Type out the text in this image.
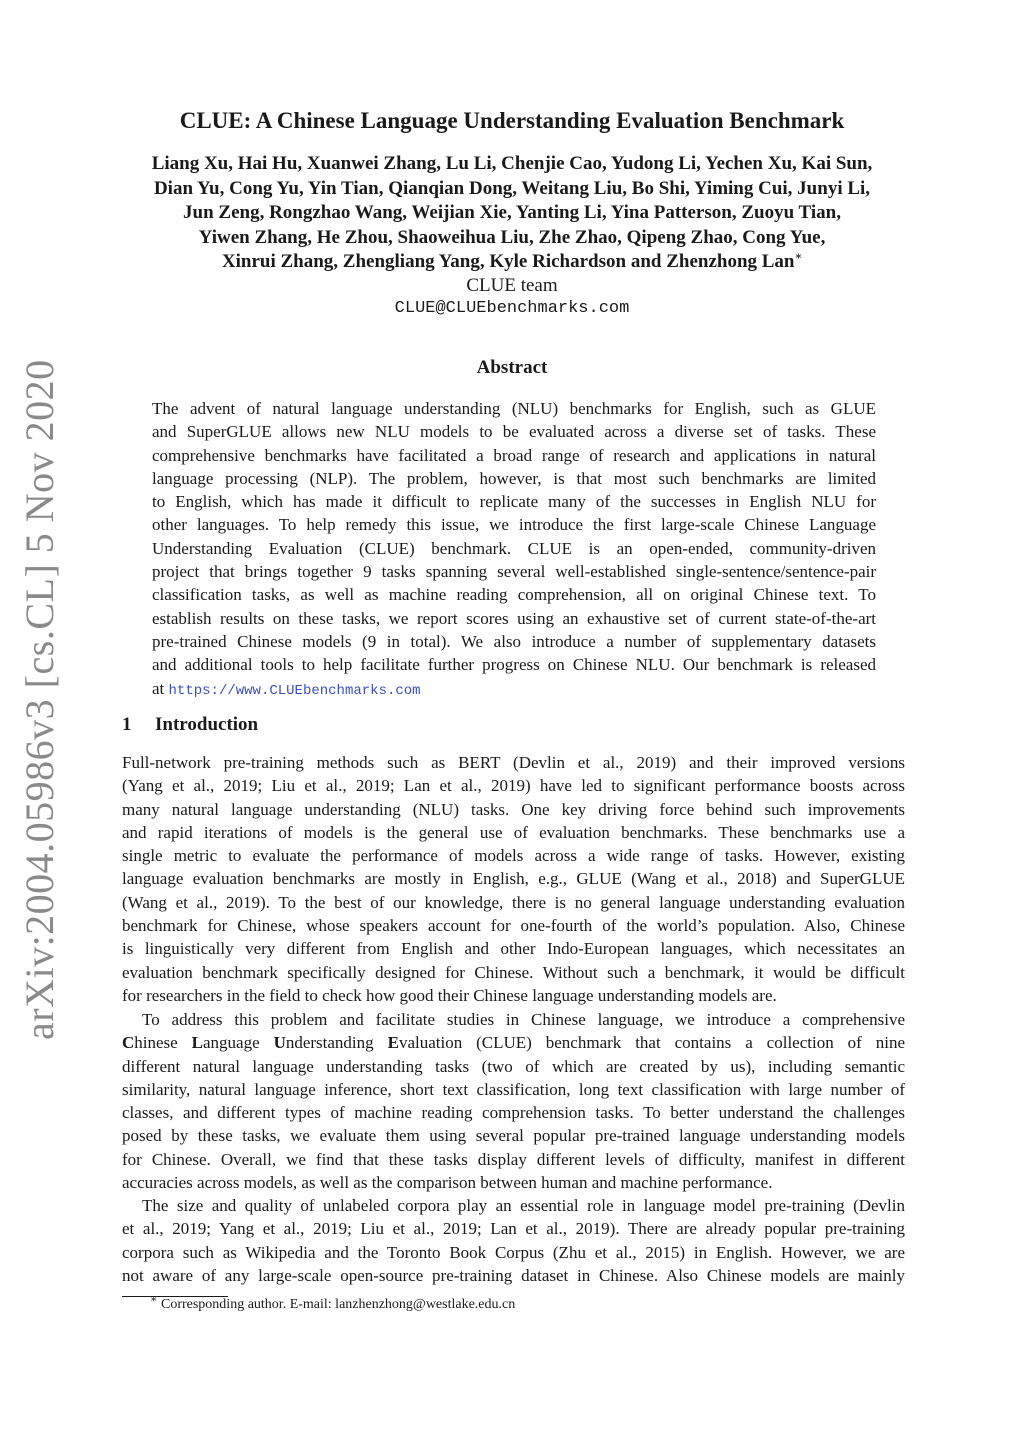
arXiv:2004.05986v3 [cs.CL] 5 Nov 2020
CLUE: A Chinese Language Understanding Evaluation Benchmark
Liang Xu, Hai Hu, Xuanwei Zhang, Lu Li, Chenjie Cao, Yudong Li, Yechen Xu, Kai Sun,
Dian Yu, Cong Yu, Yin Tian, Qianqian Dong, Weitang Liu, Bo Shi, Yiming Cui, Junyi Li,
Jun Zeng, Rongzhao Wang, Weijian Xie, Yanting Li, Yina Patterson, Zuoyu Tian,
Yiwen Zhang, He Zhou, Shaoweihua Liu, Zhe Zhao, Qipeng Zhao, Cong Yue,
Xinrui Zhang, Zhengliang Yang, Kyle Richardson and Zhenzhong Lan∗
CLUE team
CLUE@CLUEbenchmarks.com
Abstract
The advent of natural language understanding (NLU) benchmarks for English, such as GLUE
and SuperGLUE allows new NLU models to be evaluated across a diverse set of tasks. These
comprehensive benchmarks have facilitated a broad range of research and applications in natural
language processing (NLP). The problem, however, is that most such benchmarks are limited
to English, which has made it difficult to replicate many of the successes in English NLU for
other languages. To help remedy this issue, we introduce the first large-scale Chinese Language
Understanding Evaluation (CLUE) benchmark. CLUE is an open-ended, community-driven
project that brings together 9 tasks spanning several well-established single-sentence/sentence-pair
classification tasks, as well as machine reading comprehension, all on original Chinese text. To
establish results on these tasks, we report scores using an exhaustive set of current state-of-the-art
pre-trained Chinese models (9 in total). We also introduce a number of supplementary datasets
and additional tools to help facilitate further progress on Chinese NLU. Our benchmark is released
at https://www.CLUEbenchmarks.com
1 Introduction
Full-network pre-training methods such as BERT (Devlin et al., 2019) and their improved versions
(Yang et al., 2019; Liu et al., 2019; Lan et al., 2019) have led to significant performance boosts across
many natural language understanding (NLU) tasks. One key driving force behind such improvements
and rapid iterations of models is the general use of evaluation benchmarks. These benchmarks use a
single metric to evaluate the performance of models across a wide range of tasks. However, existing
language evaluation benchmarks are mostly in English, e.g., GLUE (Wang et al., 2018) and SuperGLUE
(Wang et al., 2019). To the best of our knowledge, there is no general language understanding evaluation
benchmark for Chinese, whose speakers account for one-fourth of the world’s population. Also, Chinese
is linguistically very different from English and other Indo-European languages, which necessitates an
evaluation benchmark specifically designed for Chinese. Without such a benchmark, it would be difficult
for researchers in the field to check how good their Chinese language understanding models are.
To address this problem and facilitate studies in Chinese language, we introduce a comprehensive
Chinese Language Understanding Evaluation (CLUE) benchmark that contains a collection of nine
different natural language understanding tasks (two of which are created by us), including semantic
similarity, natural language inference, short text classification, long text classification with large number of
classes, and different types of machine reading comprehension tasks. To better understand the challenges
posed by these tasks, we evaluate them using several popular pre-trained language understanding models
for Chinese. Overall, we find that these tasks display different levels of difficulty, manifest in different
accuracies across models, as well as the comparison between human and machine performance.
The size and quality of unlabeled corpora play an essential role in language model pre-training (Devlin
et al., 2019; Yang et al., 2019; Liu et al., 2019; Lan et al., 2019). There are already popular pre-training
corpora such as Wikipedia and the Toronto Book Corpus (Zhu et al., 2015) in English. However, we are
not aware of any large-scale open-source pre-training dataset in Chinese. Also Chinese models are mainly
∗ Corresponding author. E-mail: lanzhenzhong@westlake.edu.cn
